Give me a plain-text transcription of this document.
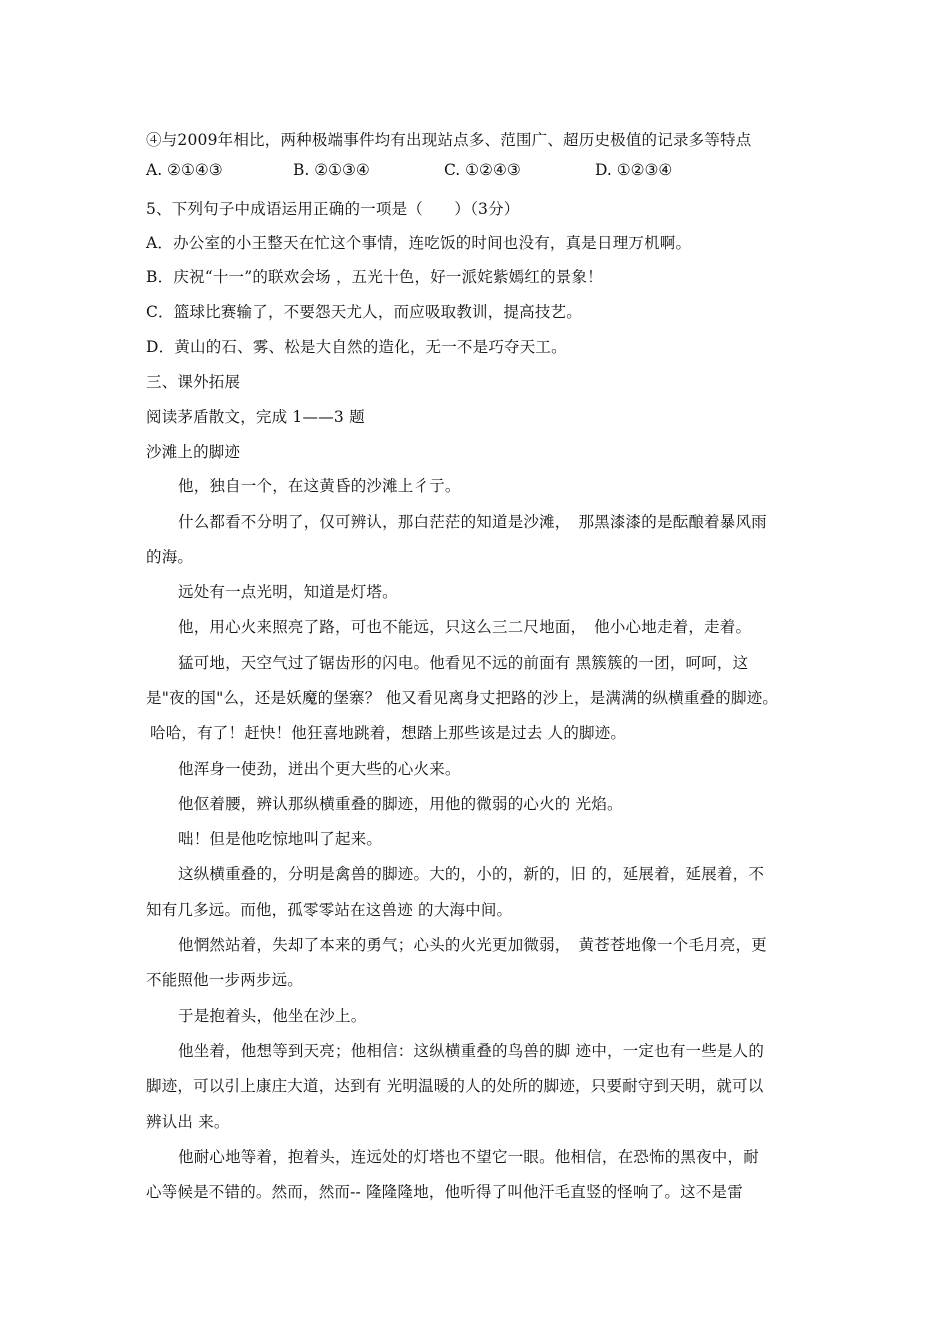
④与2009年相比，两种极端事件均有出现站点多、范围广、超历史极值的记录多等特点
A. ②①④③	B. ②①③④	C. ①②④③	D. ①②③④
5、下列句子中成语运用正确的一项是（　　）（3分）
A．办公室的小王整天在忙这个事情，连吃饭的时间也没有，真是日理万机啊。
B．庆祝“十一”的联欢会场 ，五光十色，好一派姹紫嫣红的景象！
C．篮球比赛输了，不要怨天尤人，而应吸取教训，提高技艺。
D．黄山的石、雾、松是大自然的造化，无一不是巧夺天工。
三、课外拓展
阅读茅盾散文，完成 1——3 题
沙滩上的脚迹
他，独自一个，在这黄昏的沙滩上彳亍。
什么都看不分明了，仅可辨认，那白茫茫的知道是沙滩，　那黑漆漆的是酝酿着暴风雨
的海。
远处有一点光明，知道是灯塔。
他，用心火来照亮了路，可也不能远，只这么三二尺地面，　他小心地走着，走着。
猛可地，天空气过了锯齿形的闪电。他看见不远的前面有 黑簇簇的一团，呵呵，这
是"夜的国"么，还是妖魔的堡寨？ 他又看见离身丈把路的沙上，是满满的纵横重叠的脚迹。
哈哈，有了！赶快！他狂喜地跳着，想踏上那些该是过去 人的脚迹。
他浑身一使劲，迸出个更大些的心火来。
他伛着腰，辨认那纵横重叠的脚迹，用他的微弱的心火的 光焰。
咄！但是他吃惊地叫了起来。
这纵横重叠的，分明是禽兽的脚迹。大的，小的，新的，旧 的，延展着，延展着，不
知有几多远。而他，孤零零站在这兽迹 的大海中间。
他惘然站着，失却了本来的勇气；心头的火光更加微弱，　黄苍苍地像一个毛月亮，更
不能照他一步两步远。
于是抱着头，他坐在沙上。
他坐着，他想等到天亮；他相信：这纵横重叠的鸟兽的脚 迹中，一定也有一些是人的
脚迹，可以引上康庄大道，达到有 光明温暖的人的处所的脚迹，只要耐守到天明，就可以
辨认出 来。
他耐心地等着，抱着头，连远处的灯塔也不望它一眼。他相信，在恐怖的黑夜中，耐
心等候是不错的。然而，然而-- 隆隆隆地，他听得了叫他汗毛直竖的怪响了。这不是雷
